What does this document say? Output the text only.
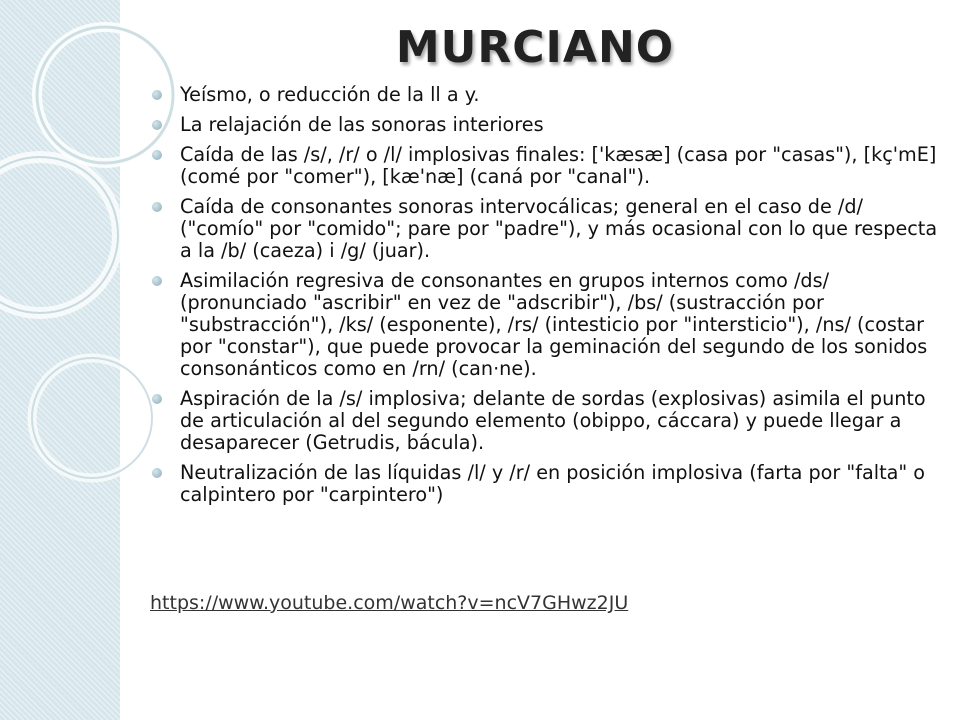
MURCIANO
Yeísmo, o reducción de la ll a y.
La relajación de las sonoras interiores
Caída de las /s/, /r/ o /l/ implosivas finales: ['kæsæ] (casa por "casas"), [kç'mE] (comé por "comer"), [kæ'næ] (caná por "canal").
Caída de consonantes sonoras intervocálicas; general en el caso de /d/ ("comío" por "comido"; pare por "padre"), y más ocasional con lo que respecta a la /b/ (caeza) i /g/ (juar).
Asimilación regresiva de consonantes en grupos internos como /ds/ (pronunciado "ascribir" en vez de "adscribir"), /bs/ (sustracción por "substracción"), /ks/ (esponente), /rs/ (intesticio por "intersticio"), /ns/ (costar por "constar"), que puede provocar la geminación del segundo de los sonidos consonánticos como en /rn/ (can·ne).
Aspiración de la /s/ implosiva; delante de sordas (explosivas) asimila el punto de articulación al del segundo elemento (obippo, cáccara) y puede llegar a desaparecer (Getrudis, bácula).
Neutralización de las líquidas /l/ y /r/ en posición implosiva (farta por "falta" o calpintero por "carpintero")
https://www.youtube.com/watch?v=ncV7GHwz2JU
